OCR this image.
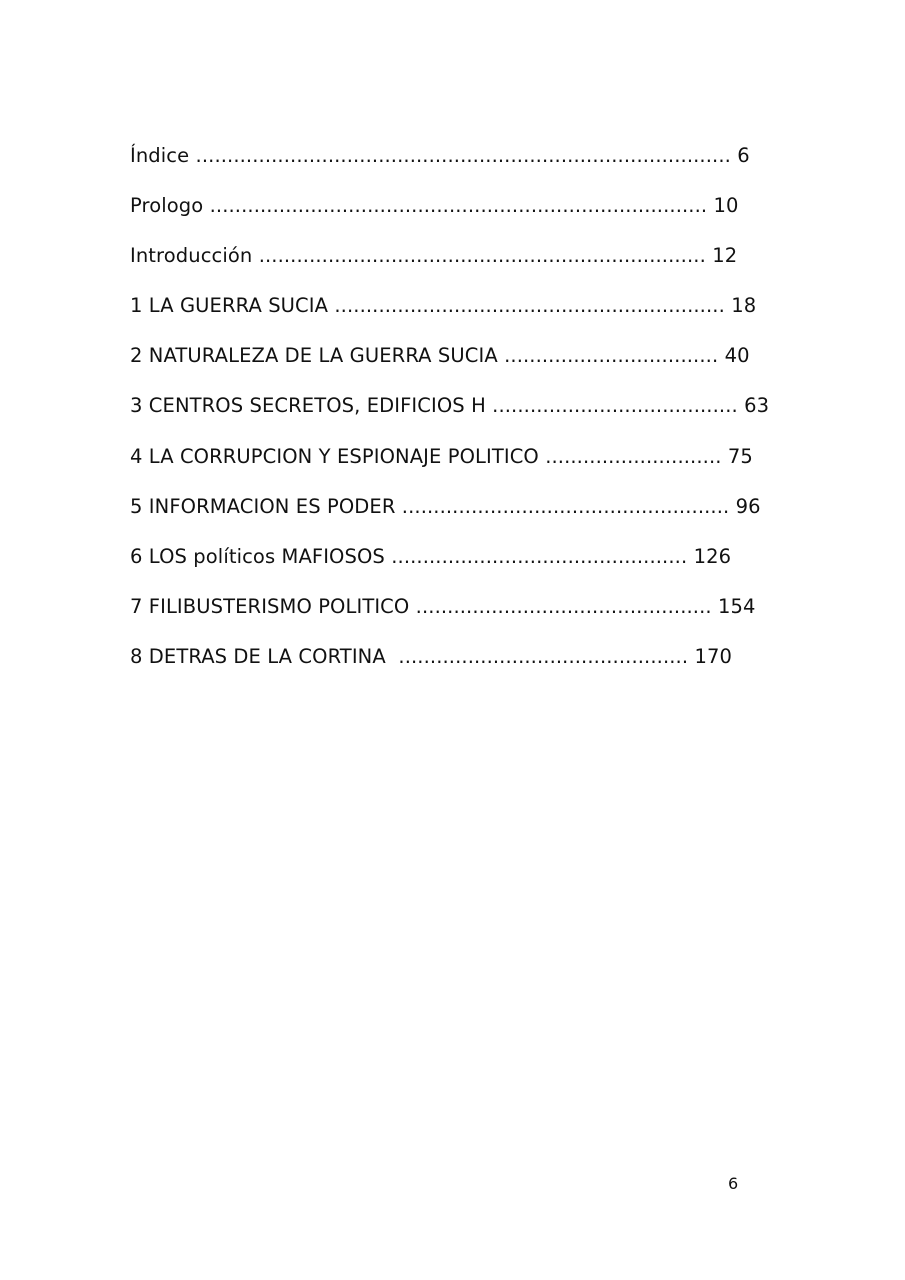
Índice ..................................................................................... 6
Prologo ............................................................................... 10
Introducción ....................................................................... 12
1 LA GUERRA SUCIA .............................................................. 18
2 NATURALEZA DE LA GUERRA SUCIA .................................. 40
3 CENTROS SECRETOS, EDIFICIOS H ....................................... 63
4 LA CORRUPCION Y ESPIONAJE POLITICO ............................ 75
5 INFORMACION ES PODER .................................................... 96
6 LOS políticos MAFIOSOS ............................................... 126
7 FILIBUSTERISMO POLITICO ............................................... 154
8 DETRAS DE LA CORTINA  .............................................. 170
6
